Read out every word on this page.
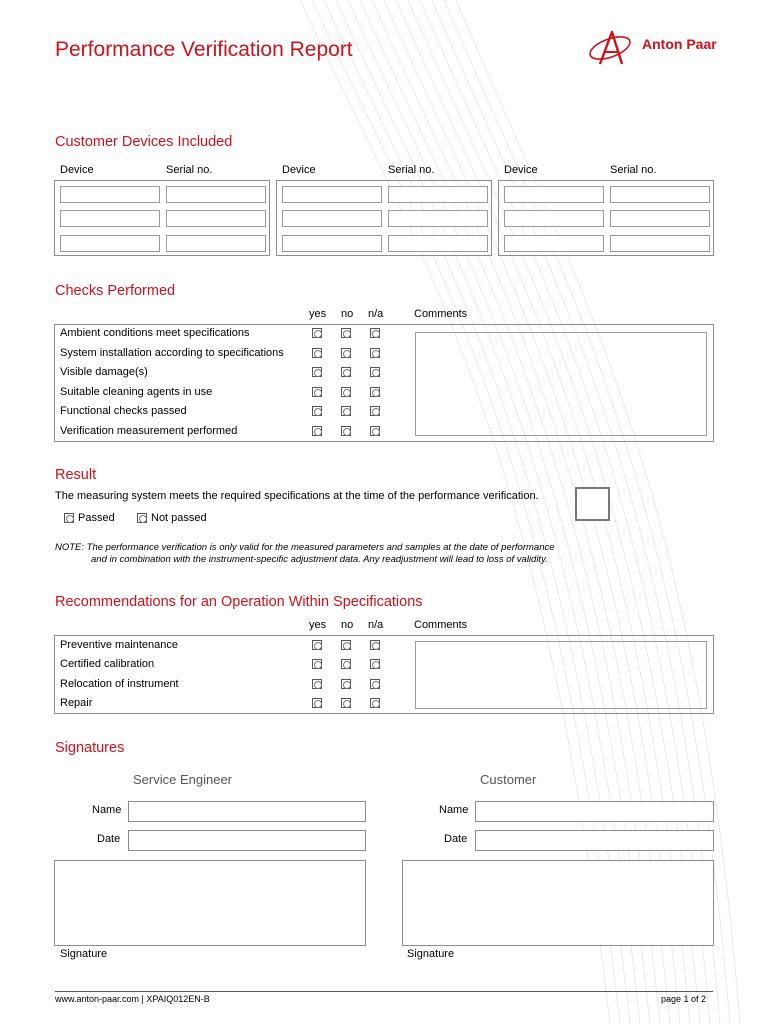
Performance Verification Report	Anton Paar
Customer Devices Included
Device	Serial no.	Device	Serial no.	Device	Serial no.
Checks Performed
yes no n/a	Comments
Ambient conditions meet specifications
System installation according to specifications
Visible damage(s)
Suitable cleaning agents in use
Functional checks passed
Verification measurement performed
Result
The measuring system meets the required specifications at the time of the performance verification.
Passed	Not passed
NOTE: The performance verification is only valid for the measured parameters and samples at the date of performance
and in combination with the instrument-specific adjustment data. Any readjustment will lead to loss of validity.
Recommendations for an Operation Within Specifications
yes no n/a	Comments
Preventive maintenance
Certified calibration
Relocation of instrument
Repair
Signatures
Service Engineer	Customer
Name
Date
Name
Date
Signature	Signature
www.anton-paar.com | XPAIQ012EN-B	page 1 of 2
